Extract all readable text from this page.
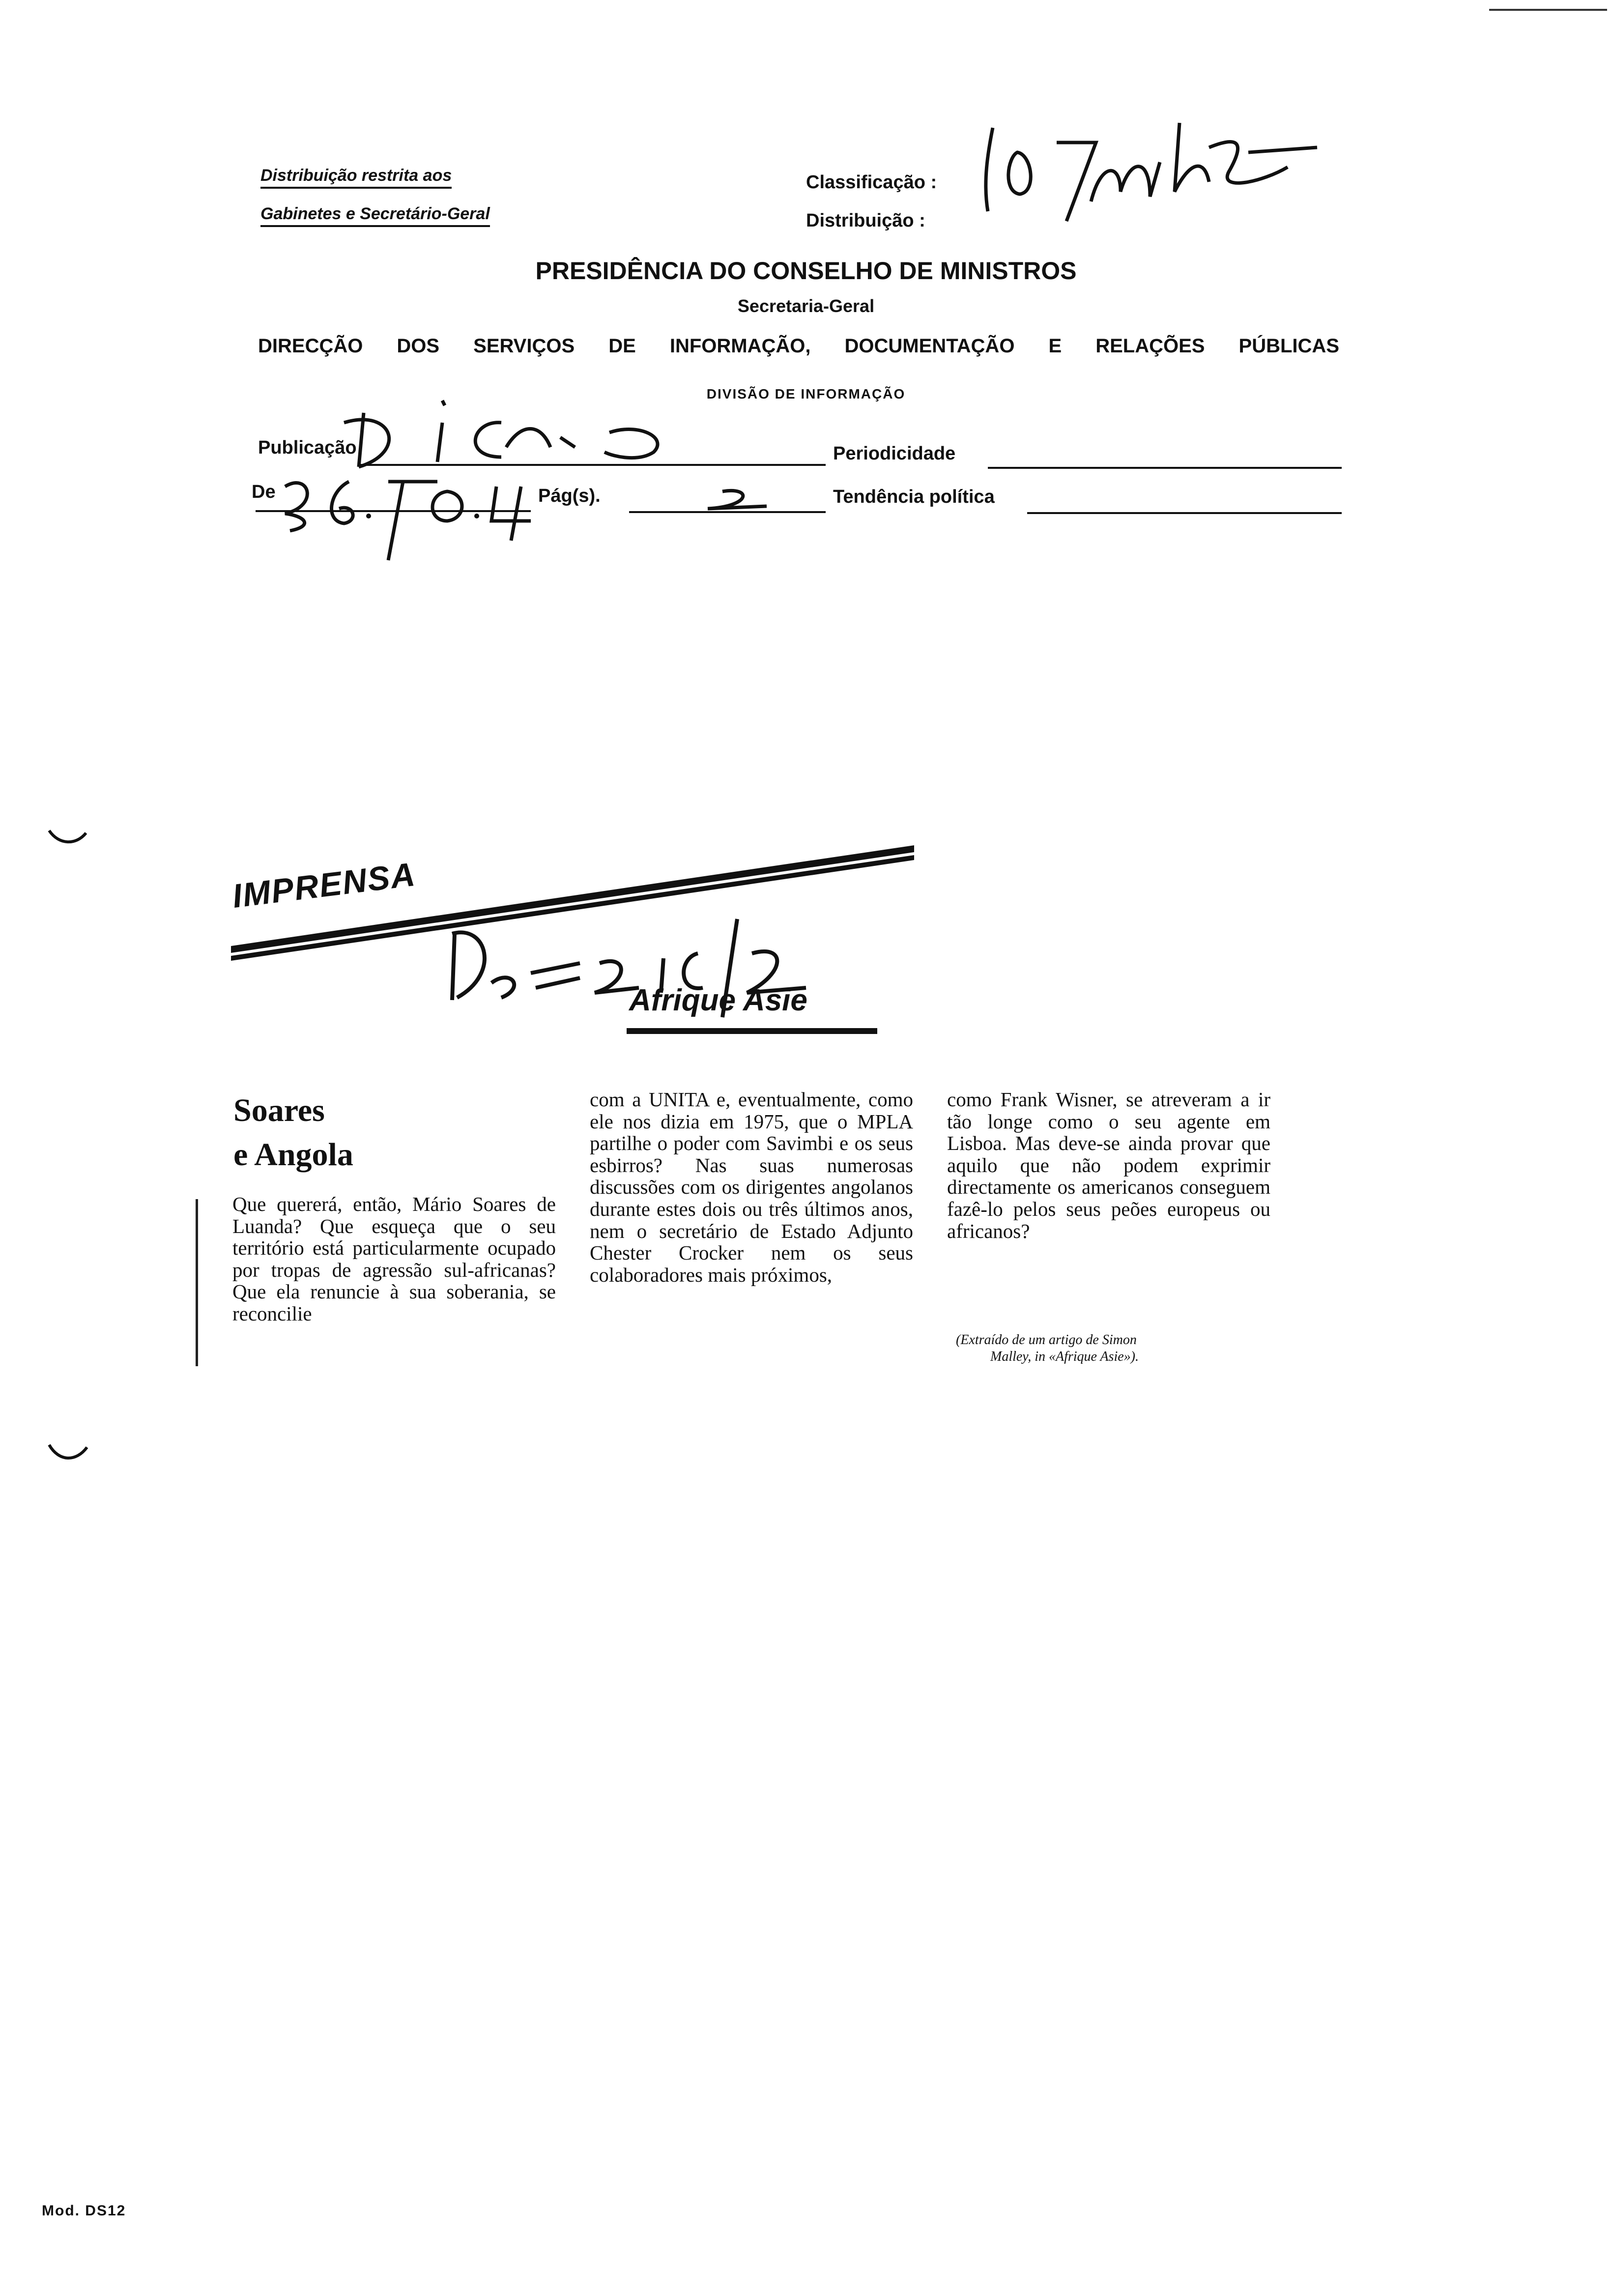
Distribuição restrita aos
Gabinetes e Secretário-Geral
Classificação :
Distribuição :
PRESIDÊNCIA DO CONSELHO DE MINISTROS
Secretaria-Geral
DIRECÇÃO DOS SERVIÇOS DE INFORMAÇÃO, DOCUMENTAÇÃO E RELAÇÕES PÚBLICAS
DIVISÃO DE INFORMAÇÃO
Publicação	Periodicidade
De	Pág(s).	Tendência política
IMPRENSA
Afrique Asie
Soares
e Angola
Que quererá, então, Mário Soares de Luanda? Que esqueça que o seu território está particularmente ocupado por tropas de agressão sul-africanas? Que ela renuncie à sua soberania, se reconcilie
com a UNITA e, eventualmente, como ele nos dizia em 1975, que o MPLA partilhe o poder com Savimbi e os seus esbirros? Nas suas numerosas discussões com os dirigentes angolanos durante estes dois ou três últimos anos, nem o secretário de Estado Adjunto Chester Crocker nem os seus colaboradores mais próximos,
como Frank Wisner, se atreveram a ir tão longe como o seu agente em Lisboa. Mas deve-se ainda provar que aquilo que não podem exprimir directamente os americanos conseguem fazê-lo pelos seus peões europeus ou africanos?
(Extraído de um artigo de Simon
Malley, in «Afrique Asie»).
Mod. DS12
